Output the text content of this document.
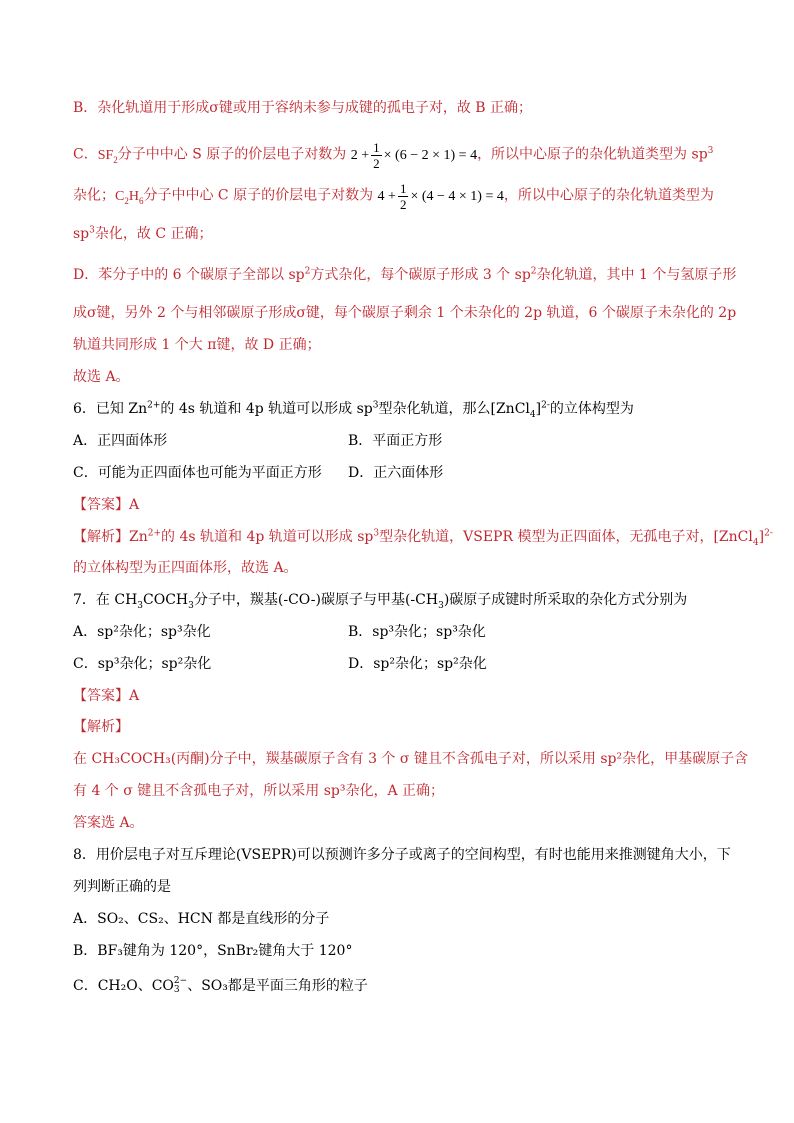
B．杂化轨道用于形成σ键或用于容纳未参与成键的孤电子对，故 B 正确；
C．$SF_2$分子中中心 S 原子的价层电子对数为 $2 + \frac{1}{2} \times (6 - 2 \times 1) = 4$，所以中心原子的杂化轨道类型为 $sp^3$
杂化；$C_2H_6$分子中中心 C 原子的价层电子对数为 $4 + \frac{1}{2} \times (4 - 4 \times 1) = 4$，所以中心原子的杂化轨道类型为
$sp^3$杂化，故 C 正确；
D．苯分子中的 6 个碳原子全部以 $sp^2$方式杂化，每个碳原子形成 3 个 $sp^2$杂化轨道，其中 1 个与氢原子形
成σ键，另外 2 个与相邻碳原子形成σ键，每个碳原子剩余 1 个未杂化的 2p 轨道，6 个碳原子未杂化的 2p
轨道共同形成 1 个大 π键，故 D 正确；
故选 A。
6．已知 $Zn^{2+}$的 4s 轨道和 4p 轨道可以形成 $sp^3$型杂化轨道，那么[ZnCl$_4$]$^{2-}$的立体构型为
A．正四面体形	B．平面正方形
C．可能为正四面体也可能为平面正方形 D．正六面体形
【答案】A
【解析】$Zn^{2+}$的 4s 轨道和 4p 轨道可以形成 $sp^3$型杂化轨道，VSEPR 模型为正四面体，无孤电子对，[ZnCl$_4$]$^{2-}$
的立体构型为正四面体形，故选 A。
7．在 $CH_3COCH_3$分子中，羰基(-CO-)碳原子与甲基$(-CH_3)$碳原子成键时所采取的杂化方式分别为
A．sp²杂化；sp³杂化	B．sp³杂化；sp³杂化
C．sp³杂化；sp²杂化	D．sp²杂化；sp²杂化
【答案】A
【解析】
在 CH₃COCH₃(丙酮)分子中，羰基碳原子含有 3 个 σ 键且不含孤电子对，所以采用 sp²杂化，甲基碳原子含
有 4 个 σ 键且不含孤电子对，所以采用 sp³杂化，A 正确；
答案选 A。
8．用价层电子对互斥理论(VSEPR)可以预测许多分子或离子的空间构型，有时也能用来推测键角大小，下
列判断正确的是
A．SO₂、CS₂、HCN 都是直线形的分子
B．BF₃键角为 120°，SnBr₂键角大于 120°
C．CH₂O、CO 2−
3 、SO₃都是平面三角形的粒子
